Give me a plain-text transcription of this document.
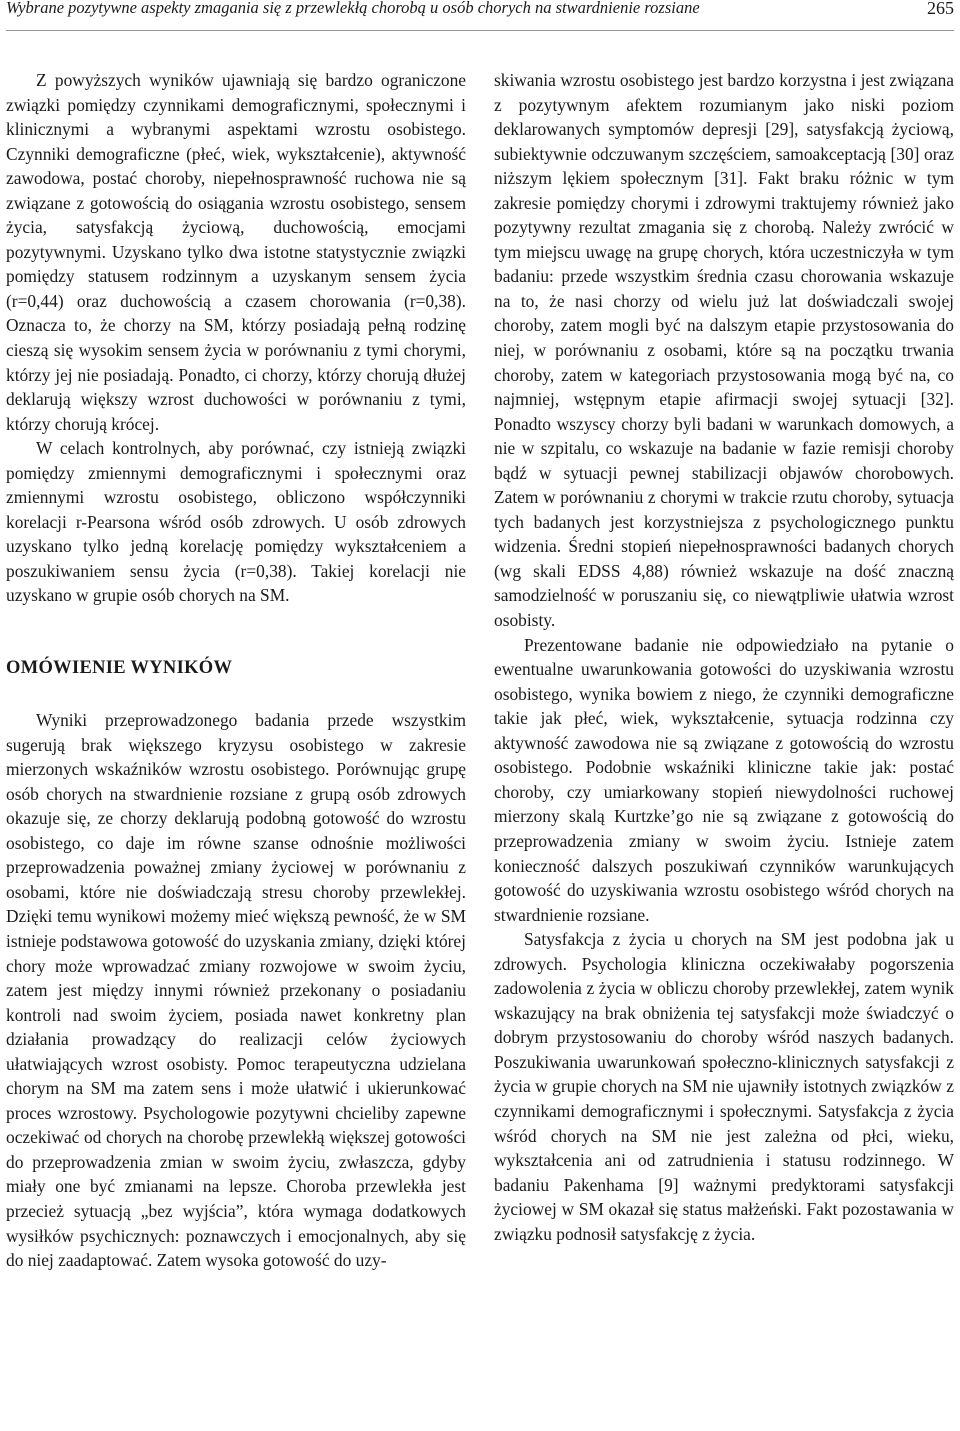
Wybrane pozytywne aspekty zmagania się z przewlekłą chorobą u osób chorych na stwardnienie rozsiane	265

Z powyższych wyników ujawniają się bardzo ograniczone związki pomiędzy czynnikami demograficznymi, społecznymi i klinicznymi a wybranymi aspektami wzrostu osobistego. Czynniki demograficzne (płeć, wiek, wykształcenie), aktywność zawodowa, postać choroby, niepełnosprawność ruchowa nie są związane z gotowością do osiągania wzrostu osobistego, sensem życia, satysfakcją życiową, duchowością, emocjami pozytywnymi. Uzyskano tylko dwa istotne statystycznie związki pomiędzy statusem rodzinnym a uzyskanym sensem życia (r=0,44) oraz duchowością a czasem chorowania (r=0,38). Oznacza to, że chorzy na SM, którzy posiadają pełną rodzinę cieszą się wysokim sensem życia w porównaniu z tymi chorymi, którzy jej nie posiadają. Ponadto, ci chorzy, którzy chorują dłużej deklarują większy wzrost duchowości w porównaniu z tymi, którzy chorują krócej.

W celach kontrolnych, aby porównać, czy istnieją związki pomiędzy zmiennymi demograficznymi i społecznymi oraz zmiennymi wzrostu osobistego, obliczono współczynniki korelacji r-Pearsona wśród osób zdrowych. U osób zdrowych uzyskano tylko jedną korelację pomiędzy wykształceniem a poszukiwaniem sensu życia (r=0,38). Takiej korelacji nie uzyskano w grupie osób chorych na SM.

OMÓWIENIE WYNIKÓW

Wyniki przeprowadzonego badania przede wszystkim sugerują brak większego kryzysu osobistego w zakresie mierzonych wskaźników wzrostu osobistego. Porównując grupę osób chorych na stwardnienie rozsiane z grupą osób zdrowych okazuje się, ze chorzy deklarują podobną gotowość do wzrostu osobistego, co daje im równe szanse odnośnie możliwości przeprowadzenia poważnej zmiany życiowej w porównaniu z osobami, które nie doświadczają stresu choroby przewlekłej. Dzięki temu wynikowi możemy mieć większą pewność, że w SM istnieje podstawowa gotowość do uzyskania zmiany, dzięki której chory może wprowadzać zmiany rozwojowe w swoim życiu, zatem jest między innymi również przekonany o posiadaniu kontroli nad swoim życiem, posiada nawet konkretny plan działania prowadzący do realizacji celów życiowych ułatwiających wzrost osobisty. Pomoc terapeutyczna udzielana chorym na SM ma zatem sens i może ułatwić i ukierunkować proces wzrostowy. Psychologowie pozytywni chcieliby zapewne oczekiwać od chorych na chorobę przewlekłą większej gotowości do przeprowadzenia zmian w swoim życiu, zwłaszcza, gdyby miały one być zmianami na lepsze. Choroba przewlekła jest przecież sytuacją „bez wyjścia”, która wymaga dodatkowych wysiłków psychicznych: poznawczych i emocjonalnych, aby się do niej zaadaptować. Zatem wysoka gotowość do uzy-

skiwania wzrostu osobistego jest bardzo korzystna i jest związana z pozytywnym afektem rozumianym jako niski poziom deklarowanych symptomów depresji [29], satysfakcją życiową, subiektywnie odczuwanym szczęściem, samoakceptacją [30] oraz niższym lękiem społecznym [31]. Fakt braku różnic w tym zakresie pomiędzy chorymi i zdrowymi traktujemy również jako pozytywny rezultat zmagania się z chorobą. Należy zwrócić w tym miejscu uwagę na grupę chorych, która uczestniczyła w tym badaniu: przede wszystkim średnia czasu chorowania wskazuje na to, że nasi chorzy od wielu już lat doświadczali swojej choroby, zatem mogli być na dalszym etapie przystosowania do niej, w porównaniu z osobami, które są na początku trwania choroby, zatem w kategoriach przystosowania mogą być na, co najmniej, wstępnym etapie afirmacji swojej sytuacji [32]. Ponadto wszyscy chorzy byli badani w warunkach domowych, a nie w szpitalu, co wskazuje na badanie w fazie remisji choroby bądź w sytuacji pewnej stabilizacji objawów chorobowych. Zatem w porównaniu z chorymi w trakcie rzutu choroby, sytuacja tych badanych jest korzystniejsza z psychologicznego punktu widzenia. Średni stopień niepełnosprawności badanych chorych (wg skali EDSS 4,88) również wskazuje na dość znaczną samodzielność w poruszaniu się, co niewątpliwie ułatwia wzrost osobisty.

Prezentowane badanie nie odpowiedziało na pytanie o ewentualne uwarunkowania gotowości do uzyskiwania wzrostu osobistego, wynika bowiem z niego, że czynniki demograficzne takie jak płeć, wiek, wykształcenie, sytuacja rodzinna czy aktywność zawodowa nie są związane z gotowością do wzrostu osobistego. Podobnie wskaźniki kliniczne takie jak: postać choroby, czy umiarkowany stopień niewydolności ruchowej mierzony skalą Kurtzke’go nie są związane z gotowością do przeprowadzenia zmiany w swoim życiu. Istnieje zatem konieczność dalszych poszukiwań czynników warunkujących gotowość do uzyskiwania wzrostu osobistego wśród chorych na stwardnienie rozsiane.

Satysfakcja z życia u chorych na SM jest podobna jak u zdrowych. Psychologia kliniczna oczekiwałaby pogorszenia zadowolenia z życia w obliczu choroby przewlekłej, zatem wynik wskazujący na brak obniżenia tej satysfakcji może świadczyć o dobrym przystosowaniu do choroby wśród naszych badanych. Poszukiwania uwarunkowań społeczno-klinicznych satysfakcji z życia w grupie chorych na SM nie ujawniły istotnych związków z czynnikami demograficznymi i społecznymi. Satysfakcja z życia wśród chorych na SM nie jest zależna od płci, wieku, wykształcenia ani od zatrudnienia i statusu rodzinnego. W badaniu Pakenhama [9] ważnymi predyktorami satysfakcji życiowej w SM okazał się status małżeński. Fakt pozostawania w związku podnosił satysfakcję z życia.
